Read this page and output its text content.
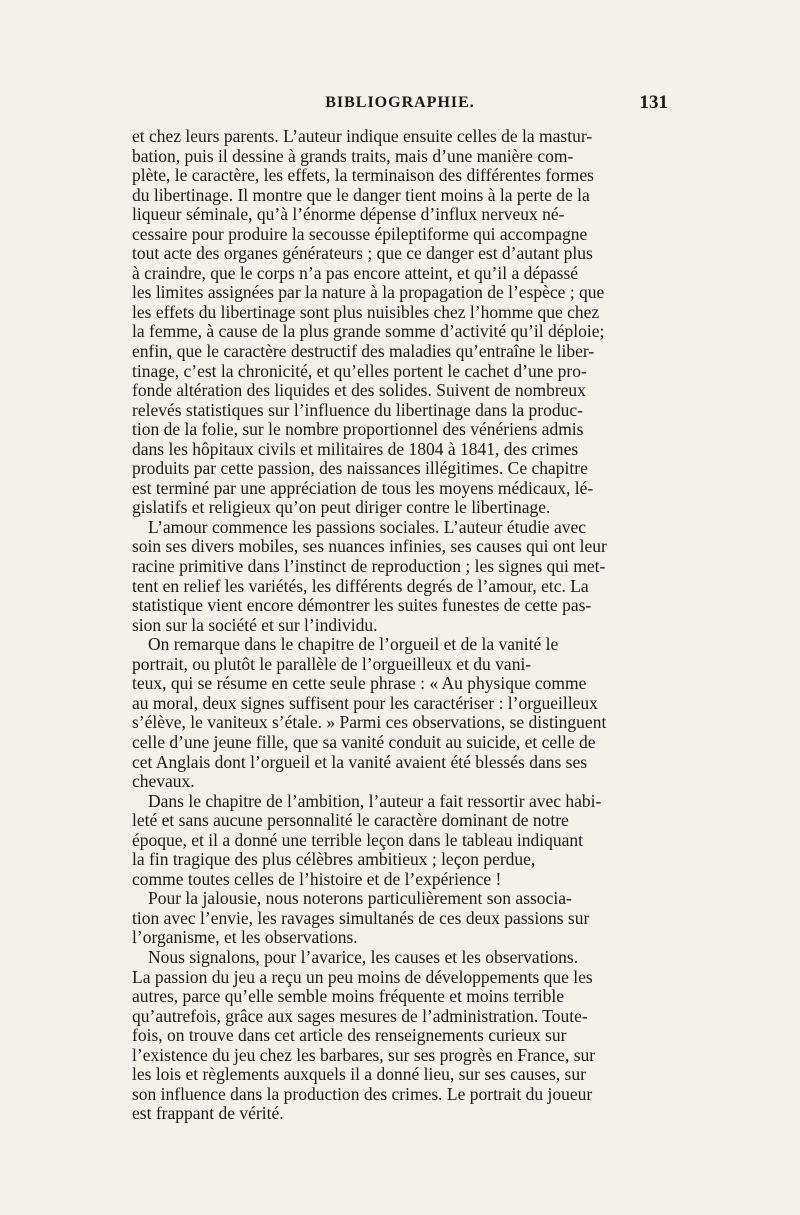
BIBLIOGRAPHIE.	131
et chez leurs parents. L’auteur indique ensuite celles de la mastur-
bation, puis il dessine à grands traits, mais d’une manière com-
plète, le caractère, les effets, la terminaison des différentes formes
du libertinage. Il montre que le danger tient moins à la perte de la
liqueur séminale, qu’à l’énorme dépense d’influx nerveux né-
cessaire pour produire la secousse épileptiforme qui accompagne
tout acte des organes générateurs ; que ce danger est d’autant plus
à craindre, que le corps n’a pas encore atteint, et qu’il a dépassé
les limites assignées par la nature à la propagation de l’espèce ; que
les effets du libertinage sont plus nuisibles chez l’homme que chez
la femme, à cause de la plus grande somme d’activité qu’il déploie;
enfin, que le caractère destructif des maladies qu’entraîne le liber-
tinage, c’est la chronicité, et qu’elles portent le cachet d’une pro-
fonde altération des liquides et des solides. Suivent de nombreux
relevés statistiques sur l’influence du libertinage dans la produc-
tion de la folie, sur le nombre proportionnel des vénériens admis
dans les hôpitaux civils et militaires de 1804 à 1841, des crimes
produits par cette passion, des naissances illégitimes. Ce chapitre
est terminé par une appréciation de tous les moyens médicaux, lé-
gislatifs et religieux qu’on peut diriger contre le libertinage.
L’amour commence les passions sociales. L’auteur étudie avec
soin ses divers mobiles, ses nuances infinies, ses causes qui ont leur
racine primitive dans l’instinct de reproduction ; les signes qui met-
tent en relief les variétés, les différents degrés de l’amour, etc. La
statistique vient encore démontrer les suites funestes de cette pas-
sion sur la société et sur l’individu.
On remarque dans le chapitre de l’orgueil et de la vanité le
portrait, ou plutôt le parallèle de l’orgueilleux et du vani-
teux, qui se résume en cette seule phrase : « Au physique comme
au moral, deux signes suffisent pour les caractériser : l’orgueilleux
s’élève, le vaniteux s’étale. » Parmi ces observations, se distinguent
celle d’une jeune fille, que sa vanité conduit au suicide, et celle de
cet Anglais dont l’orgueil et la vanité avaient été blessés dans ses
chevaux.
Dans le chapitre de l’ambition, l’auteur a fait ressortir avec habi-
leté et sans aucune personnalité le caractère dominant de notre
époque, et il a donné une terrible leçon dans le tableau indiquant
la fin tragique des plus célèbres ambitieux ; leçon perdue,
comme toutes celles de l’histoire et de l’expérience !
Pour la jalousie, nous noterons particulièrement son associa-
tion avec l’envie, les ravages simultanés de ces deux passions sur
l’organisme, et les observations.
Nous signalons, pour l’avarice, les causes et les observations.
La passion du jeu a reçu un peu moins de développements que les
autres, parce qu’elle semble moins fréquente et moins terrible
qu’autrefois, grâce aux sages mesures de l’administration. Toute-
fois, on trouve dans cet article des renseignements curieux sur
l’existence du jeu chez les barbares, sur ses progrès en France, sur
les lois et règlements auxquels il a donné lieu, sur ses causes, sur
son influence dans la production des crimes. Le portrait du joueur
est frappant de vérité.
